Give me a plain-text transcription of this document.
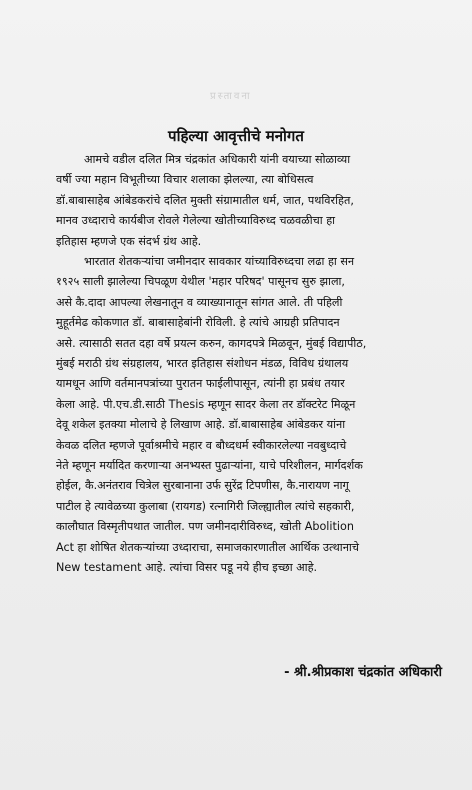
प्रस्तावना
पहिल्या आवृत्तीचे मनोगत
आमचे वडील दलित मित्र चंद्रकांत अधिकारी यांनी वयाच्या सोळाव्या
वर्षी ज्या महान विभूतीच्या विचार शलाका झेलल्या, त्या बोधिसत्व
डॉ.बाबासाहेब आंबेडकरांचे दलित मुक्ती संग्रामातील धर्म, जात, पथविरहित,
मानव उध्दाराचे कार्यबीज रोवले गेलेल्या खोतीच्याविरुध्द चळवळीचा हा
इतिहास म्हणजे एक संदर्भ ग्रंथ आहे.
भारतात शेतकऱ्यांचा जमीनदार सावकार यांच्याविरुध्दचा लढा हा सन
१९२५ साली झालेल्या चिपळूण येथील 'महार परिषद' पासूनच सुरु झाला,
असे कै.दादा आपल्या लेखनातून व व्याख्यानातून सांगत आले. ती पहिली
मुहूर्तमेढ कोकणात डॉ. बाबासाहेबांनी रोविली. हे त्यांचे आग्रही प्रतिपादन
असे. त्यासाठी सतत दहा वर्षे प्रयत्न करुन, कागदपत्रे मिळवून, मुंबई विद्यापीठ,
मुंबई मराठी ग्रंथ संग्रहालय, भारत इतिहास संशोधन मंडळ, विविध ग्रंथालय
यामधून आणि वर्तमानपत्रांच्या पुरातन फाईलीपासून, त्यांनी हा प्रबंध तयार
केला आहे. पी.एच.डी.साठी Thesis म्हणून सादर केला तर डॉक्टरेट मिळून
देवू शकेल इतक्या मोलाचे हे लिखाण आहे. डॉ.बाबासाहेब आंबेडकर यांना
केवळ दलित म्हणजे पूर्वाश्रमीचे महार व बौध्दधर्म स्वीकारलेल्या नवबुध्दाचे
नेते म्हणून मर्यादित करणाऱ्या अनभ्यस्त पुढाऱ्यांना, याचे परिशीलन, मार्गदर्शक
होईल, कै.अनंतराव चित्रेल सुरबानाना उर्फ सुरेंद्र टिपणीस, कै.नारायण नागू
पाटील हे त्यावेळच्या कुलाबा (रायगड) रत्नागिरी जिल्ह्यातील त्यांचे सहकारी,
कालौघात विस्मृतीपथात जातील. पण जमीनदारीविरुध्द, खोती Abolition
Act हा शोषित शेतकऱ्यांच्या उध्दाराचा, समाजकारणातील आर्थिक उत्थानाचे
New testament आहे. त्यांचा विसर पडू नये हीच इच्छा आहे.
- श्री.श्रीप्रकाश चंद्रकांत अधिकारी
